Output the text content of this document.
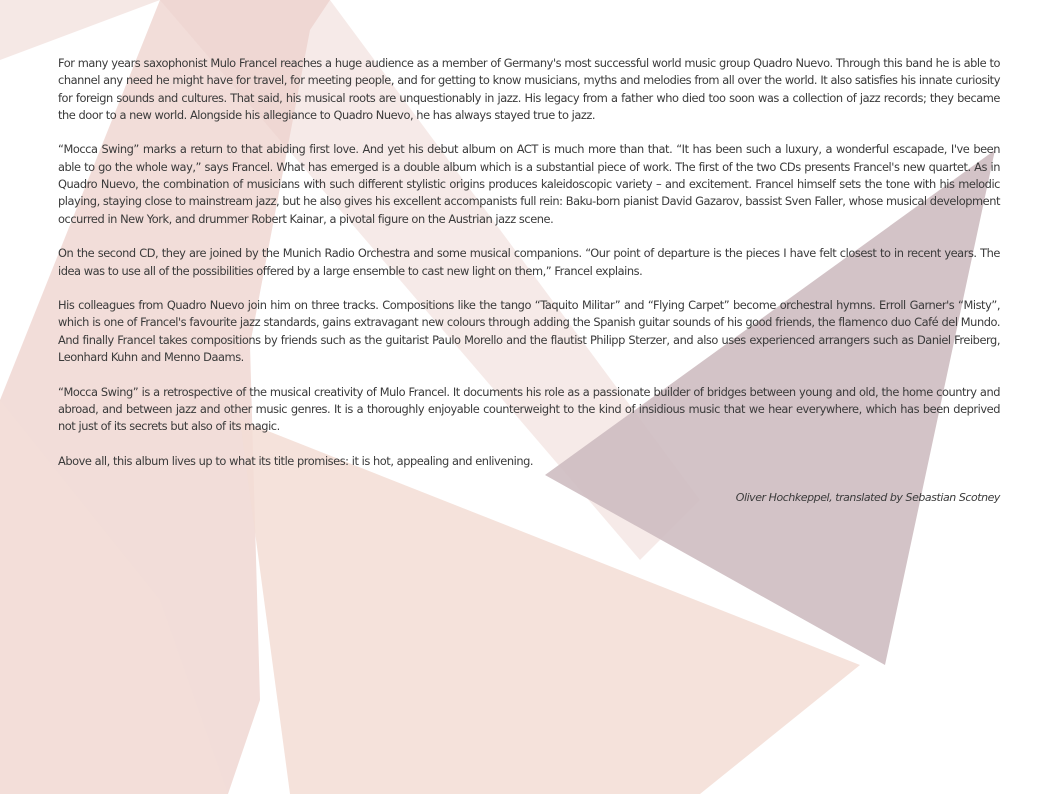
For many years saxophonist Mulo Francel reaches a huge audience as a member of Germany's most successful world music group Quadro Nuevo. Through this band he is able to channel any need he might have for travel, for meeting people, and for getting to know musicians, myths and melodies from all over the world. It also satisfies his innate curiosity for foreign sounds and cultures. That said, his musical roots are unquestionably in jazz. His legacy from a father who died too soon was a collection of jazz records; they became the door to a new world. Alongside his allegiance to Quadro Nuevo, he has always stayed true to jazz.

“Mocca Swing” marks a return to that abiding first love. And yet his debut album on ACT is much more than that. “It has been such a luxury, a wonderful escapade, I've been able to go the whole way,” says Francel. What has emerged is a double album which is a substantial piece of work. The first of the two CDs presents Francel's new quartet. As in Quadro Nuevo, the combination of musicians with such different stylistic origins produces kaleidoscopic variety – and excitement. Francel himself sets the tone with his melodic playing, staying close to mainstream jazz, but he also gives his excellent accompanists full rein: Baku-born pianist David Gazarov, bassist Sven Faller, whose musical development occurred in New York, and drummer Robert Kainar, a pivotal figure on the Austrian jazz scene.

On the second CD, they are joined by the Munich Radio Orchestra and some musical companions. “Our point of departure is the pieces I have felt closest to in recent years. The idea was to use all of the possibilities offered by a large ensemble to cast new light on them,” Francel explains.

His colleagues from Quadro Nuevo join him on three tracks. Compositions like the tango “Taquito Militar” and “Flying Carpet” become orchestral hymns. Erroll Garner's “Misty”, which is one of Francel's favourite jazz standards, gains extravagant new colours through adding the Spanish guitar sounds of his good friends, the flamenco duo Café del Mundo. And finally Francel takes compositions by friends such as the guitarist Paulo Morello and the flautist Philipp Sterzer, and also uses experienced arrangers such as Daniel Freiberg, Leonhard Kuhn and Menno Daams.

“Mocca Swing” is a retrospective of the musical creativity of Mulo Francel. It documents his role as a passionate builder of bridges between young and old, the home country and abroad, and between jazz and other music genres. It is a thoroughly enjoyable counterweight to the kind of insidious music that we hear everywhere, which has been deprived not just of its secrets but also of its magic.

Above all, this album lives up to what its title promises: it is hot, appealing and enlivening.

Oliver Hochkeppel, translated by Sebastian Scotney
